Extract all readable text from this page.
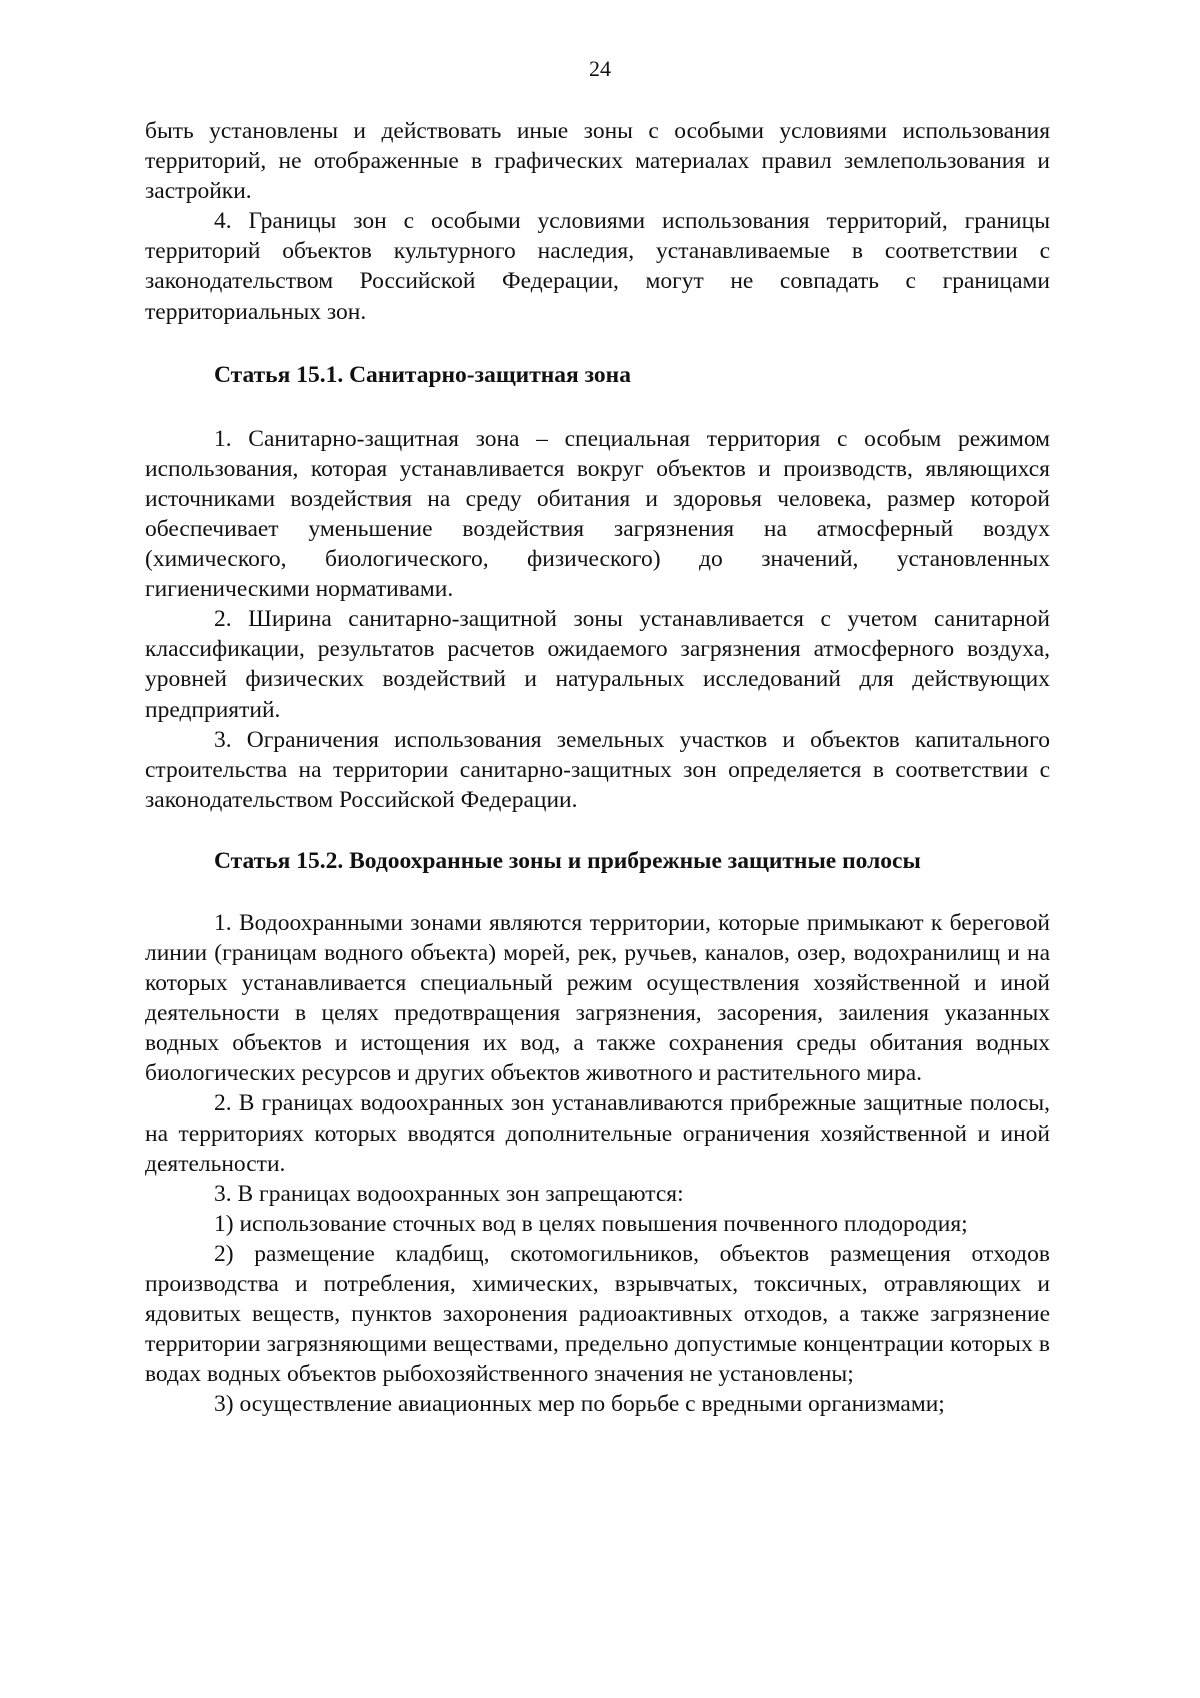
24

быть установлены и действовать иные зоны с особыми условиями использования территорий, не отображенные в графических материалах правил землепользования и застройки.

4. Границы зон с особыми условиями использования территорий, границы территорий объектов культурного наследия, устанавливаемые в соответствии с законодательством Российской Федерации, могут не совпадать с границами территориальных зон.

Статья 15.1. Санитарно-защитная зона

1. Санитарно-защитная зона – специальная территория с особым режимом использования, которая устанавливается вокруг объектов и производств, являющихся источниками воздействия на среду обитания и здоровья человека, размер которой обеспечивает уменьшение воздействия загрязнения на атмосферный воздух (химического, биологического, физического) до значений, установленных гигиеническими нормативами.

2. Ширина санитарно-защитной зоны устанавливается с учетом санитарной классификации, результатов расчетов ожидаемого загрязнения атмосферного воздуха, уровней физических воздействий и натуральных исследований для действующих предприятий.

3. Ограничения использования земельных участков и объектов капитального строительства на территории санитарно-защитных зон определяется в соответствии с законодательством Российской Федерации.

Статья 15.2. Водоохранные зоны и прибрежные защитные полосы

1. Водоохранными зонами являются территории, которые примыкают к береговой линии (границам водного объекта) морей, рек, ручьев, каналов, озер, водохранилищ и на которых устанавливается специальный режим осуществления хозяйственной и иной деятельности в целях предотвращения загрязнения, засорения, заиления указанных водных объектов и истощения их вод, а также сохранения среды обитания водных биологических ресурсов и других объектов животного и растительного мира.

2. В границах водоохранных зон устанавливаются прибрежные защитные полосы, на территориях которых вводятся дополнительные ограничения хозяйственной и иной деятельности.

3. В границах водоохранных зон запрещаются:

1) использование сточных вод в целях повышения почвенного плодородия;

2) размещение кладбищ, скотомогильников, объектов размещения отходов производства и потребления, химических, взрывчатых, токсичных, отравляющих и ядовитых веществ, пунктов захоронения радиоактивных отходов, а также загрязнение территории загрязняющими веществами, предельно допустимые концентрации которых в водах водных объектов рыбохозяйственного значения не установлены;

3) осуществление авиационных мер по борьбе с вредными организмами;
